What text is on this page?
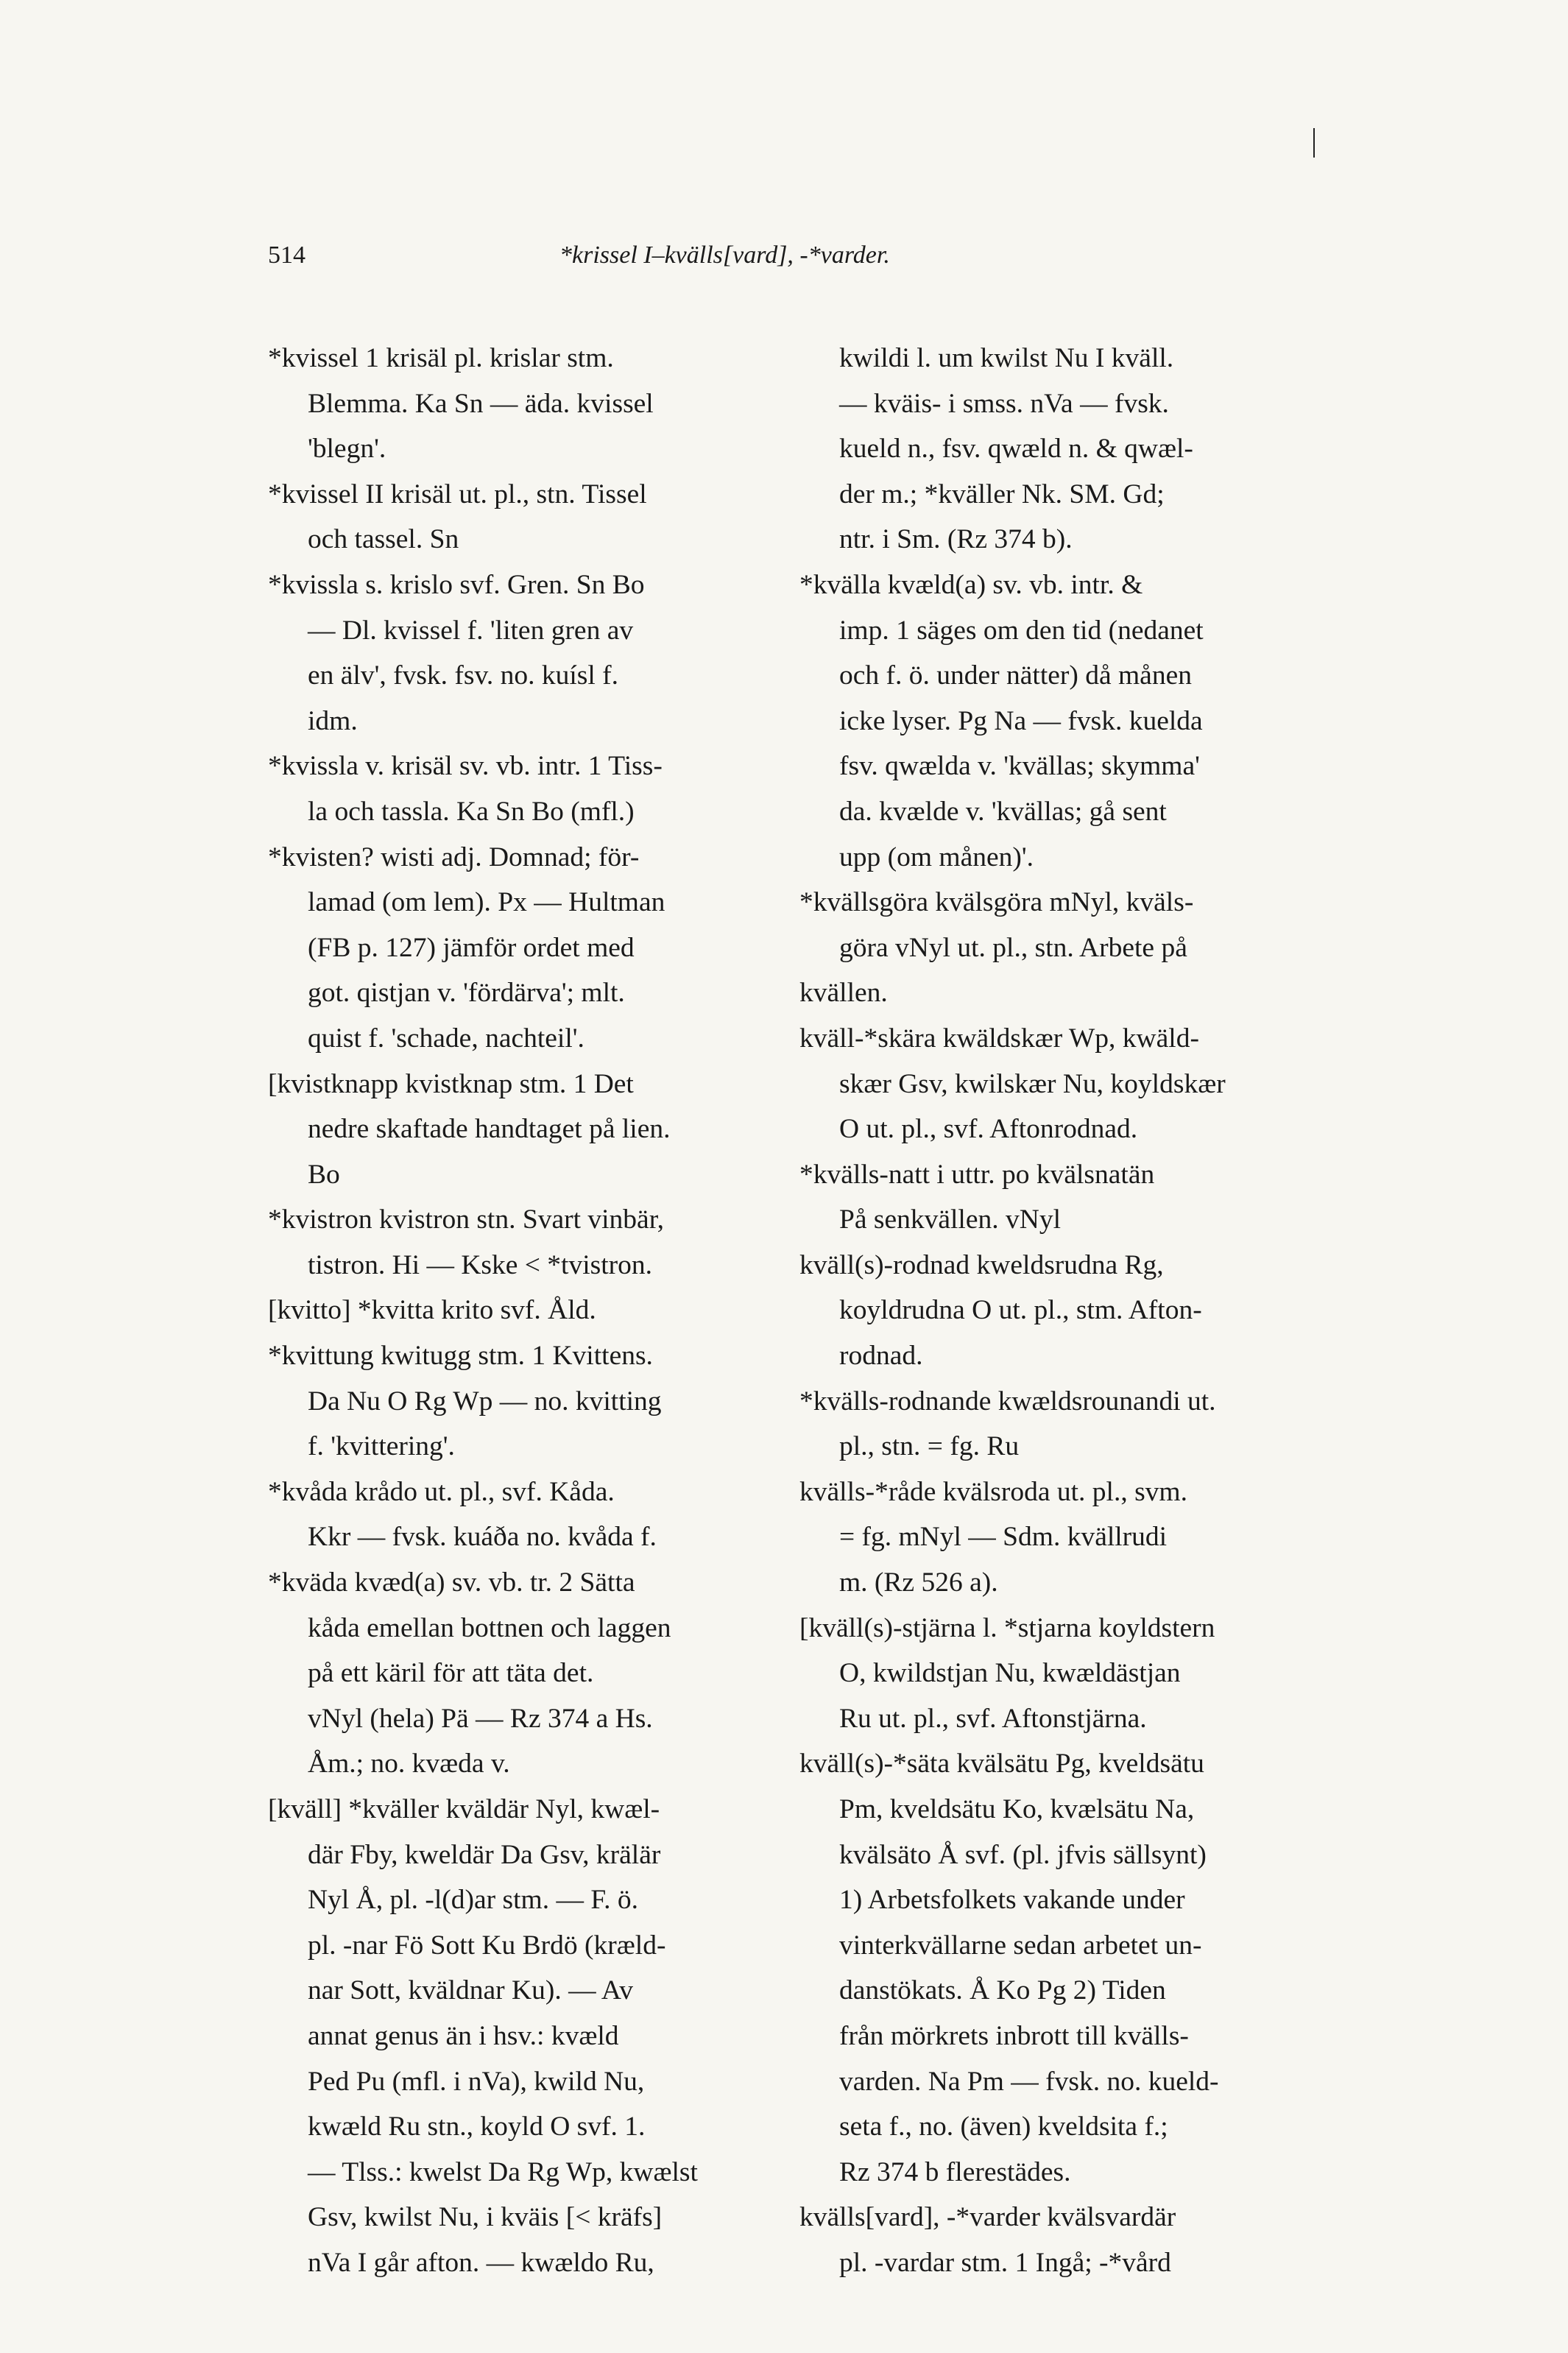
514	*krissel I–kvälls[vard], -*varder.
*kvissel 1 krisäl pl. krislar stm.
Blemma. Ka Sn — äda. kvissel
'blegn'.
*kvissel II krisäl ut. pl., stn. Tissel
och tassel. Sn
*kvissla s. krislo svf. Gren. Sn Bo
— Dl. kvissel f. 'liten gren av
en älv', fvsk. fsv. no. kuísl f.
idm.
*kvissla v. krisäl sv. vb. intr. 1 Tiss-
la och tassla. Ka Sn Bo (mfl.)
*kvisten? wisti adj. Domnad; för-
lamad (om lem). Px — Hultman
(FB p. 127) jämför ordet med
got. qistjan v. 'fördärva'; mlt.
quist f. 'schade, nachteil'.
[kvistknapp kvistknap stm. 1 Det
nedre skaftade handtaget på lien.
Bo
*kvistron kvistron stn. Svart vinbär,
tistron. Hi — Kske < *tvistron.
[kvitto] *kvitta krito svf. Åld.
*kvittung kwitugg stm. 1 Kvittens.
Da Nu O Rg Wp — no. kvitting
f. 'kvittering'.
*kvåda krådo ut. pl., svf. Kåda.
Kkr — fvsk. kuáða no. kvåda f.
*kväda kvæd(a) sv. vb. tr. 2 Sätta
kåda emellan bottnen och laggen
på ett käril för att täta det.
vNyl (hela) Pä — Rz 374 a Hs.
Åm.; no. kvæda v.
[kväll] *kväller kväldär Nyl, kwæl-
där Fby, kweldär Da Gsv, krälär
Nyl Å, pl. -l(d)ar stm. — F. ö.
pl. -nar Fö Sott Ku Brdö (kræld-
nar Sott, kväldnar Ku). — Av
annat genus än i hsv.: kvæld
Ped Pu (mfl. i nVa), kwild Nu,
kwæld Ru stn., koyld O svf. 1.
— Tlss.: kwelst Da Rg Wp, kwælst
Gsv, kwilst Nu, i kväis [< kräfs]
nVa I går afton. — kwældo Ru,
kwildi l. um kwilst Nu I kväll.
— kväis- i smss. nVa — fvsk.
kueld n., fsv. qwæld n. & qwæl-
der m.; *kväller Nk. SM. Gd;
ntr. i Sm. (Rz 374 b).
*kvälla kvæld(a) sv. vb. intr. &
imp. 1 säges om den tid (nedanet
och f. ö. under nätter) då månen
icke lyser. Pg Na — fvsk. kuelda
fsv. qwælda v. 'kvällas; skymma'
da. kvælde v. 'kvällas; gå sent
upp (om månen)'.
*kvällsgöra kvälsgöra mNyl, kväls-
göra vNyl ut. pl., stn. Arbete på
kvällen.
kväll-*skära kwäldskær Wp, kwäld-
skær Gsv, kwilskær Nu, koyldskær
O ut. pl., svf. Aftonrodnad.
*kvälls-natt i uttr. po kvälsnatän
På senkvällen. vNyl
kväll(s)-rodnad kweldsrudna Rg,
koyldrudna O ut. pl., stm. Afton-
rodnad.
*kvälls-rodnande kwældsrounandi ut.
pl., stn. = fg. Ru
kvälls-*råde kvälsroda ut. pl., svm.
= fg. mNyl — Sdm. kvällrudi
m. (Rz 526 a).
[kväll(s)-stjärna l. *stjarna koyldstern
O, kwildstjan Nu, kwældästjan
Ru ut. pl., svf. Aftonstjärna.
kväll(s)-*säta kvälsätu Pg, kveldsätu
Pm, kveldsätu Ko, kvælsätu Na,
kvälsäto Å svf. (pl. jfvis sällsynt)
1) Arbetsfolkets vakande under
vinterkvällarne sedan arbetet un-
danstökats. Å Ko Pg 2) Tiden
från mörkrets inbrott till kvälls-
varden. Na Pm — fvsk. no. kueld-
seta f., no. (även) kveldsita f.;
Rz 374 b flerestädes.
kvälls[vard], -*varder kvälsvardär
pl. -vardar stm. 1 Ingå; -*vård
